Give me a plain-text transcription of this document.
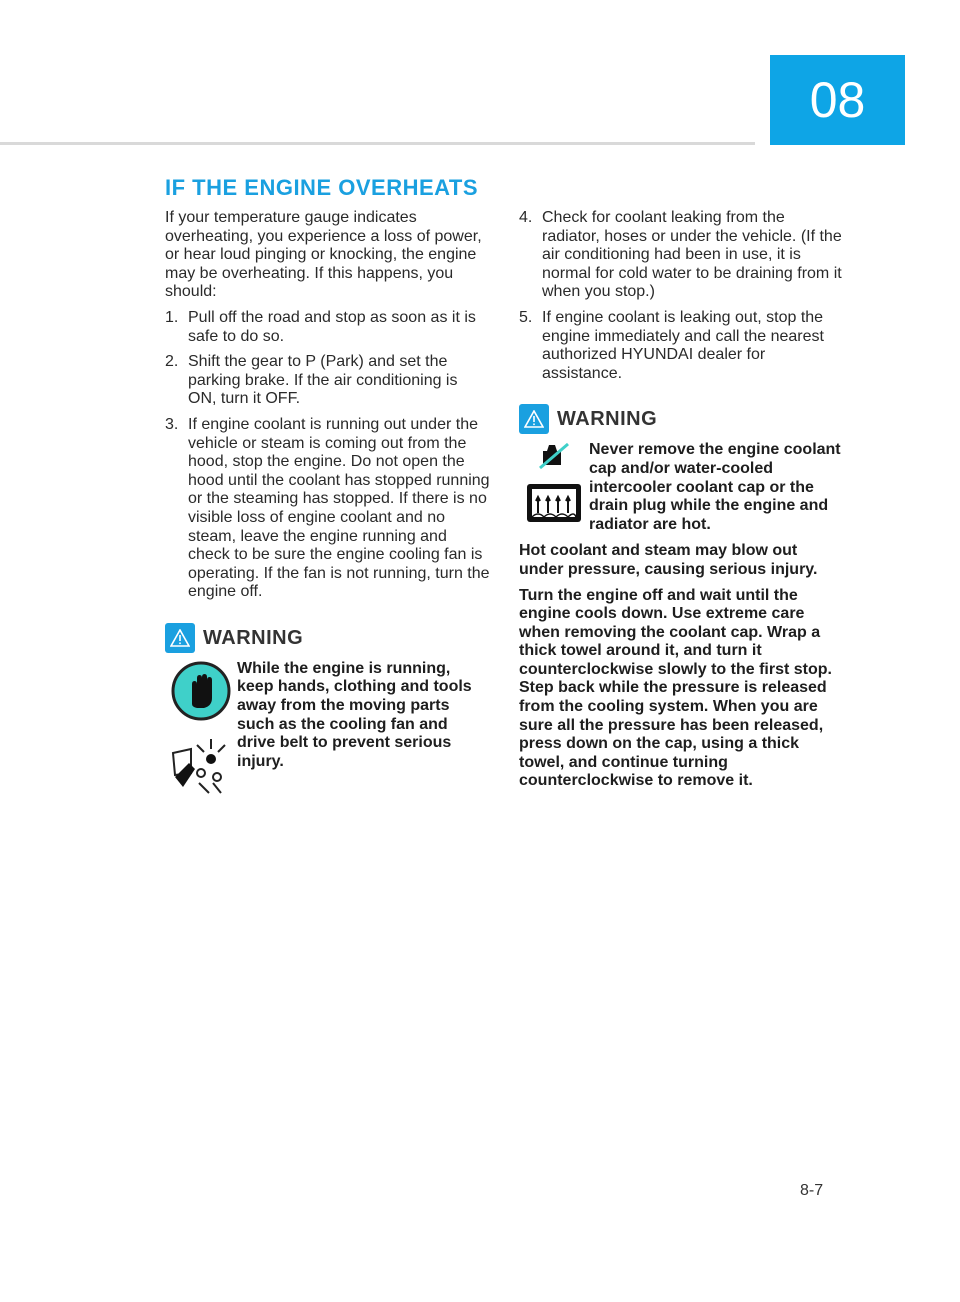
08
IF THE ENGINE OVERHEATS

If your temperature gauge indicates overheating, you experience a loss of power, or hear loud pinging or knocking, the engine may be overheating. If this happens, you should:

1. Pull off the road and stop as soon as it is safe to do so.
2. Shift the gear to P (Park) and set the parking brake. If the air conditioning is ON, turn it OFF.
3. If engine coolant is running out under the vehicle or steam is coming out from the hood, stop the engine. Do not open the hood until the coolant has stopped running or the steaming has stopped. If there is no visible loss of engine coolant and no steam, leave the engine running and check to be sure the engine cooling fan is operating. If the fan is not running, turn the engine off.
WARNING
While the engine is running, keep hands, clothing and tools away from the moving parts such as the cooling fan and drive belt to prevent serious injury.
4. Check for coolant leaking from the radiator, hoses or under the vehicle. (If the air conditioning had been in use, it is normal for cold water to be draining from it when you stop.)
5. If engine coolant is leaking out, stop the engine immediately and call the nearest authorized HYUNDAI dealer for assistance.
WARNING
Never remove the engine coolant cap and/or water-cooled intercooler coolant cap or the drain plug while the engine and radiator are hot.

Hot coolant and steam may blow out under pressure, causing serious injury.

Turn the engine off and wait until the engine cools down. Use extreme care when removing the coolant cap. Wrap a thick towel around it, and turn it counterclockwise slowly to the first stop. Step back while the pressure is released from the cooling system. When you are sure all the pressure has been released, press down on the cap, using a thick towel, and continue turning counterclockwise to remove it.

8-7
